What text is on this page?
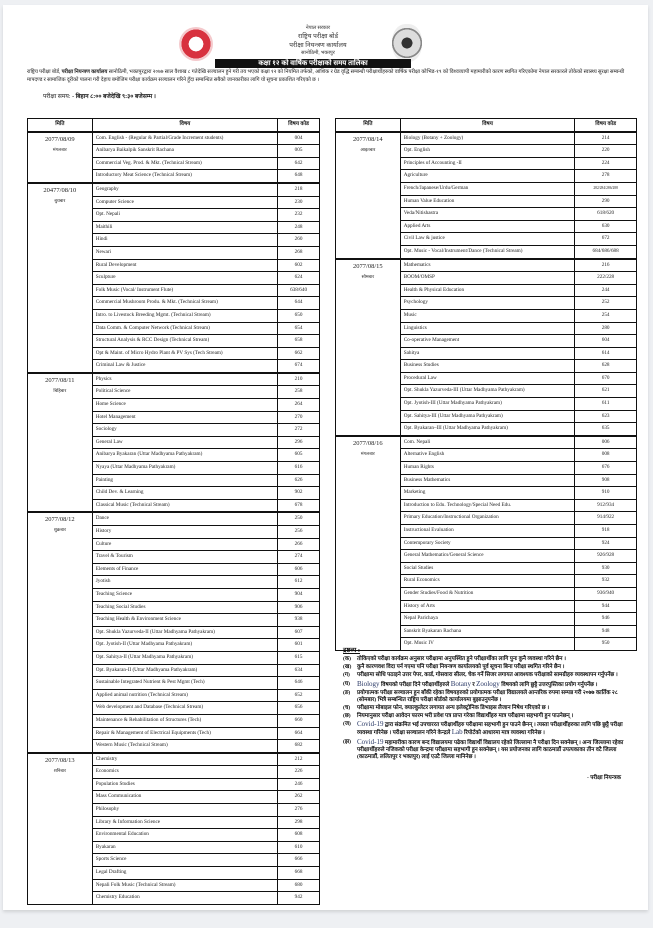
नेपाल सरकार
राष्ट्रिय परीक्षा बोर्ड
परीक्षा नियन्त्रण कार्यालय
सानोठिमी, भक्तपुर
कक्षा १२ को वार्षिक परीक्षाको समय तालिका
राष्ट्रिय परीक्षा बोर्ड, परीक्षा नियन्त्रण कार्यालय सानोठिमी, भक्तपुरद्वारा २०७७ साल वैशाख ८ गतेदेखि सञ्चालन हुने गरी तय भएको कक्षा १२ को नियमित तर्फको, आंशिक र ग्रेड वृद्धि सम्बन्धी परीक्षार्थीहरुको वार्षिक परीक्षा कोभिड-१९ को विश्वव्यापी महामारीको कारण स्थगित गरिएकोमा नेपाल सरकारले तोकेको स्वास्थ्य सुरक्षा सम्बन्धी मापदण्ड र सामाजिक दूरीको पालना गरी देहाय बमोजिम परीक्षा कार्यक्रम सञ्चालन गरिने हुँदा सम्बन्धित सबैको जानकारीका लागि यो सूचना प्रकाशित गरिएको छ ।
परीक्षा समय: - बिहान ८:०० बजेदेखि ९:३० बजेसम्म ।
मिति	विषय	विषय कोड
2077/08/09
मंगलबार	Com. English - (Regular & Partial/Grade Increment students)	004
	Anibarya Baikalpik Sanskrit Rachana	005
	Commercial Veg. Prod. & Mkt. (Technical Stream)	642
	Introductory Meat Science (Technical Stream)	648
20477/08/10
बुधबार	Geography	218
	Computer Science	230
	Opt. Nepali	232
	Maithili	248
	Hindi	260
	Newari	268
	Rural Development	602
	Sculpture	624
	Folk Music (Vocal/ Instrument Flute)	638/640
	Commercial Mushroom Produ. & Mkt. (Technical Stream)	644
	Intro. to Livestock Breeding Mgmt. (Technical Stream)	650
	Data Comm. & Computer Network (Technical Stream)	654
	Structural Analysis & RCC Design (Technical Stream)	658
	Opt & Maint. of Micro Hydro Plant & PV Sys (Tech Stream)	662
	Criminal Law & Justice	674
2077/08/11
बिहिबार	Physics	210
	Political Science	258
	Home Science	264
	Hotel Management	270
	Sociology	272
	General Law	296
	Anibarya Byakaran (Uttar Madhyama Pathyakram)	605
	Nyaya (Uttar Madhyama Pathyakram)	616
	Painting	626
	Child Dev. & Learning	902
	Classical Music (Technical Stream)	678
2077/08/12
शुक्रबार	Dance	250
	History	256
	Culture	266
	Travel & Tourism	274
	Elements of Finance	606
	Jyotish	612
	Teaching Science	904
	Teaching Social Studies	906
	Teaching Health & Environment Science	938
	Opt. Shukla Yazurveda-II (Uttar Madhyama Pathyakram)	607
	Opt. Jyotish-II (Uttar Madhyama Pathyakram)	601
	Opt. Sahitya-II (Uttar Madhyama Pathyakram)	615
	Opt. Byakaran-II (Uttar Madhyama Pathyakram)	634
	Sustainable Integrated Nutrient & Pest Mgmt (Tech)	646
	Applied animal nutrition (Technical Stream)	652
	Web development and Database (Technical Stream)	656
	Maintenance & Rehabilitation of Structures (Tech)	660
	Repair & Management of Electrical Equipments (Tech)	664
	Western Music (Technical Stream)	682
2077/08/13
शनिबार	Chemistry	212
	Economics	226
	Population Studies	246
	Mass Communication	262
	Philosophy	276
	Library & Information Science	298
	Environmental Education	608
	Byakaran	610
	Sports Science	666
	Legal Drafting	668
	Nepali Folk Music (Technical Stream)	680
	Chemistry Education	942
मिति	विषय	विषय कोड
2077/08/14
आइतबार	Biology (Botany + Zoology)	214
	Opt. English	220
	Principles of Accounting -II	224
	Agriculture	278
	French/Japanese/Urdu/German	282/284/286/288
	Human Value Education	290
	Veda/Nitishastra	618/620
	Applied Arts	630
	Civil Law & justice	672
	Opt. Music - Vocal/Instrument/Dance (Technical Stream)	684/686/688
2077/08/15
सोमबार	Mathematics	216
	BOOM/OMSP	222/228
	Health & Physical Education	244
	Psychology	252
	Music	254
	Linguistics	280
	Co-operative Management	604
	Sahitya	614
	Business Studies	628
	Procedural Law	670
	Opt. Shukla Yazurveda-III (Uttar Madhyama Pathyakram)	621
	Opt. Jyotish-III (Uttar Madhyama Pathyakram)	611
	Opt. Sahitya-III (Uttar Madhyama Pathyakram)	623
	Opt. Byakaran–III (Uttar Madhyama Pathyakram)	635
2077/08/16
मंगलबार	Com. Nepali	006
	Alternative English	008
	Human Rights	676
	Business Mathematics	908
	Marketing	910
	Introduction to Edu. Technology/Special Need Edu.	912/934
	Primary Education/Instructional Organization	914/922
	Instructional Evaluation	918
	Contemporary Society	924
	General Mathematics/General Science	926/928
	Social Studies	930
	Rural Economics	932
	Gender Studies/Food & Nutrition	936/940
	History of Arts	944
	Nepal Parichaya	946
	Sanskrit Byakaran Rachana	948
	Opt. Music IV	950
द्रष्टव्य :
(क)	तोकिएको परीक्षा कार्यक्रम अनुसार परीक्षामा अनुपस्थित हुने परीक्षार्थीका लागि पुनः कुनै व्यवस्था गरिने छैन ।
(ख)	कुनै कारणवश विदा पर्न गएमा पनि परीक्षा नियन्त्रण कार्यालयको पूर्व सूचना बिना परीक्षा स्थगित गरिने छैन ।
(ग)	परीक्षामा सोधि पठाइने उत्तर पेपर, कार्ड, गोसवारा सीलर, चेक गर्ने सिजर लगायत आवश्यक परीक्षाको सामग्रीहरु व्यवस्थापन गर्नुपर्नेछ ।
(घ) Biology विषयको परीक्षा दिने परीक्षार्थीहरुले Botany र Zoology विषयको लागि छुट्टै उत्तरपुस्तिका प्रयोग गर्नुपर्नेछ ।
(ङ)	प्रयोगात्मक परीक्षा सञ्चालन हुन बाँकी रहेका विषयहरुको प्रयोगात्मक परीक्षा विद्यालयले आन्तरिक रुपमा सम्पन्न गरी २०७७ कार्तिक २८ (सोमबार) भित्रै सम्बन्धित राष्ट्रिय परीक्षा बोर्डको कार्यालयमा बुझाउनुपर्नेछ ।
(च)	परीक्षामा मोबाइल फोन, क्याल्कुलेटर लगायत अन्य इलेक्ट्रोनिक डिभाइस लैजान निषेध गरिएको छ ।
(छ)	नियमानुसार परीक्षा आवेदन फारम भरी प्रवेश पत्र प्राप्त गरेका विद्यार्थीहरु मात्र परीक्षामा सहभागी हुन पाउनेछन् ।
(ज) Covid-19 द्वारा संक्रमित भई उपचाररत परीक्षार्थीहरु परीक्षामा सहभागी हुन पाउने छैनन् । त्यस्ता परीक्षार्थीहरुका लागि पछि छुट्टै परीक्षा व्यवस्था गरिनेछ । परीक्षा सञ्चालन गरिने केन्द्रले Lab रिपोर्टको आधारमा मात्र व्यवस्था गरिनेछ ।
(झ) Covid-19 महामारीका कारण बन्द विद्यालयमा पढेका विद्यार्थी विद्यालय रहेको जिल्लामा नै परीक्षा दिन सक्नेछन् । अन्य जिल्लामा रहेका परीक्षार्थीहरुले नजिकको परीक्षा केन्द्रमा परीक्षामा सहभागी हुन सक्नेछन् । यस प्रयोजनका लागि काठमाडौं उपत्यकाका तीन वटै जिल्ला (काठमाडौं, ललितपुर र भक्तपुर) लाई एउटै जिल्ला मानिनेछ ।
- परीक्षा नियन्त्रक
